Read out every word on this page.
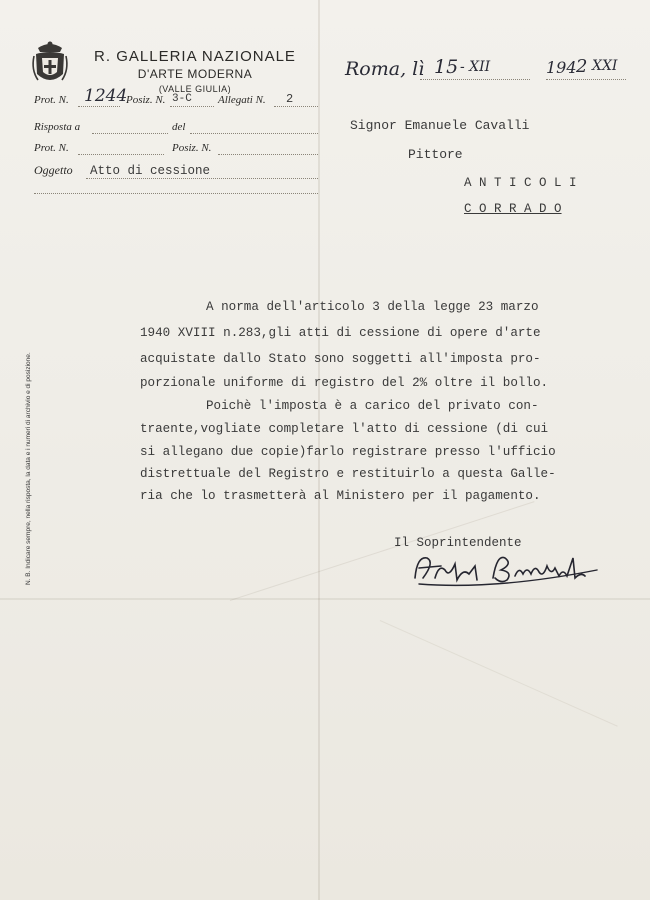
R. GALLERIA NAZIONALE
D'ARTE MODERNA
(VALLE GIULIA)
Prot. N. 1244
Posiz. N. 3-C Allegati N. 2
Risposta a	del
Prot. N.	Posiz. N.
Oggetto Atto di cessione
Roma, lì 15 - XII	194 2 XXI
Signor Emanuele Cavalli
Pittore
A N T I C O L I
C O R R A D O
A norma dell'articolo 3 della legge 23 marzo
1940 XVIII n.283,gli atti di cessione di opere d'arte
acquistate dallo Stato sono soggetti all'imposta pro-
porzionale uniforme di registro del 2% oltre il bollo.
Poichè l'imposta è a carico del privato con-
traente,vogliate completare l'atto di cessione (di cui
si allegano due copie)farlo registrare presso l'ufficio
distrettuale del Registro e restituirlo a questa Galle-
ria che lo trasmetterà al Ministero per il pagamento.
Il Soprintendente
N. B. Indicare sempre, nella risposta, la data e i numeri di archivio e di posizione.
